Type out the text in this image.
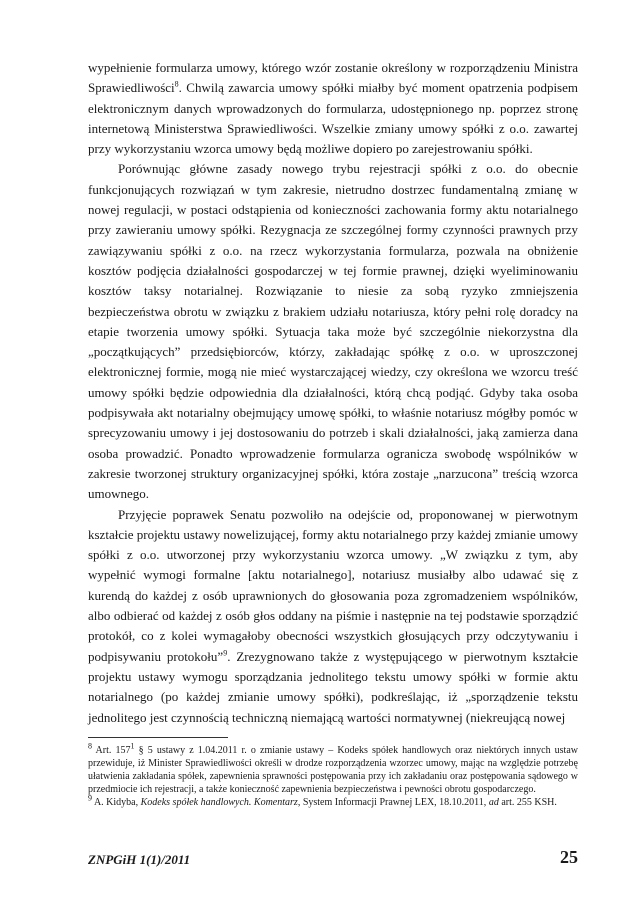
wypełnienie formularza umowy, którego wzór zostanie określony w rozporządzeniu Ministra Sprawiedliwości$^8$. Chwilą zawarcia umowy spółki miałby być moment opatrzenia podpisem elektronicznym danych wprowadzonych do formularza, udostępnionego np. poprzez stronę internetową Ministerstwa Sprawiedliwości. Wszelkie zmiany umowy spółki z o.o. zawartej przy wykorzystaniu wzorca umowy będą możliwe dopiero po zarejestrowaniu spółki.

Porównując główne zasady nowego trybu rejestracji spółki z o.o. do obecnie funkcjonujących rozwiązań w tym zakresie, nietrudno dostrzec fundamentalną zmianę w nowej regulacji, w postaci odstąpienia od konieczności zachowania formy aktu notarialnego przy zawieraniu umowy spółki. Rezygnacja ze szczególnej formy czynności prawnych przy zawiązywaniu spółki z o.o. na rzecz wykorzystania formularza, pozwala na obniżenie kosztów podjęcia działalności gospodarczej w tej formie prawnej, dzięki wyeliminowaniu kosztów taksy notarialnej. Rozwiązanie to niesie za sobą ryzyko zmniejszenia bezpieczeństwa obrotu w związku z brakiem udziału notariusza, który pełni rolę doradcy na etapie tworzenia umowy spółki. Sytuacja taka może być szczególnie niekorzystna dla „początkujących” przedsiębiorców, którzy, zakładając spółkę z o.o. w uproszczonej elektronicznej formie, mogą nie mieć wystarczającej wiedzy, czy określona we wzorcu treść umowy spółki będzie odpowiednia dla działalności, którą chcą podjąć. Gdyby taka osoba podpisywała akt notarialny obejmujący umowę spółki, to właśnie notariusz mógłby pomóc w sprecyzowaniu umowy i jej dostosowaniu do potrzeb i skali działalności, jaką zamierza dana osoba prowadzić. Ponadto wprowadzenie formularza ogranicza swobodę wspólników w zakresie tworzonej struktury organizacyjnej spółki, która zostaje „narzucona” treścią wzorca umownego.

Przyjęcie poprawek Senatu pozwoliło na odejście od, proponowanej w pierwotnym kształcie projektu ustawy nowelizującej, formy aktu notarialnego przy każdej zmianie umowy spółki z o.o. utworzonej przy wykorzystaniu wzorca umowy. „W związku z tym, aby wypełnić wymogi formalne [aktu notarialnego], notariusz musiałby albo udawać się z kurendą do każdej z osób uprawnionych do głosowania poza zgromadzeniem wspólników, albo odbierać od każdej z osób głos oddany na piśmie i następnie na tej podstawie sporządzić protokół, co z kolei wymagałoby obecności wszystkich głosujących przy odczytywaniu i podpisywaniu protokołu”$^9$. Zrezygnowano także z występującego w pierwotnym kształcie projektu ustawy wymogu sporządzania jednolitego tekstu umowy spółki w formie aktu notarialnego (po każdej zmianie umowy spółki), podkreślając, iż „sporządzenie tekstu jednolitego jest czynnością techniczną niemającą wartości normatywnej (niekreującą nowej

$^8$ Art. $157^1$ § 5 ustawy z 1.04.2011 r. o zmianie ustawy – Kodeks spółek handlowych oraz niektórych innych ustaw przewiduje, iż Minister Sprawiedliwości określi w drodze rozporządzenia wzorzec umowy, mając na względzie potrzebę ułatwienia zakładania spółek, zapewnienia sprawności postępowania przy ich zakładaniu oraz postępowania sądowego w przedmiocie ich rejestracji, a także konieczność zapewnienia bezpieczeństwa i pewności obrotu gospodarczego.

$^9$ A. Kidyba, Kodeks spółek handlowych. Komentarz, System Informacji Prawnej LEX, 18.10.2011, ad art. 255 KSH.

ZNPGiH 1(1)/2011	25
